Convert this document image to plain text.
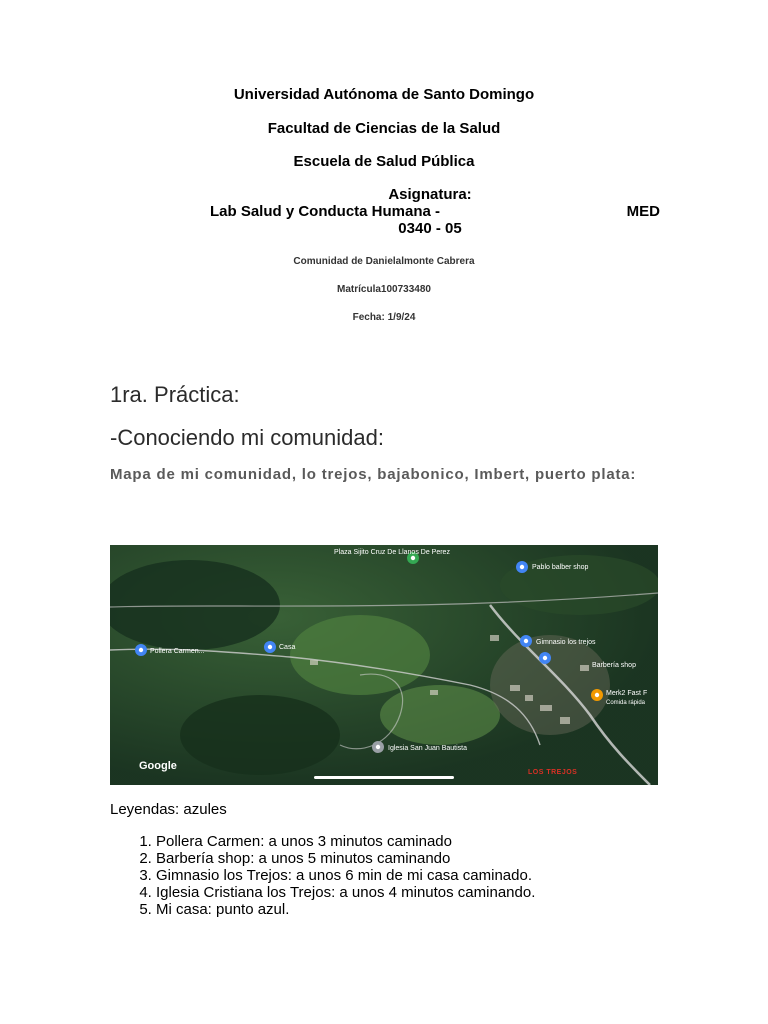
Universidad Autónoma de Santo Domingo
Facultad de Ciencias de la Salud
Escuela de Salud Pública
Asignatura:
Lab Salud y Conducta Humana -	MED
0340 - 05
Comunidad de Danielalmonte Cabrera
Matrícula100733480
Fecha: 1/9/24
1ra. Práctica:
-Conociendo mi comunidad:
Mapa de mi comunidad, lo trejos, bajabonico, Imbert, puerto plata:
Plaza Sijito Cruz De Llanos De Perez
Pablo balber shop
Pollera Carmen...
Casa
Gimnasio los trejos
Barbería shop
Merk2 Fast F
Comida rápida
Iglesia San Juan Bautista
Google
LOS TREJOS
Leyendas: azules
1. Pollera Carmen: a unos 3 minutos caminado
2. Barbería shop: a unos 5 minutos caminando
3. Gimnasio los Trejos: a unos 6 min de mi casa caminado.
4. Iglesia Cristiana los Trejos: a unos 4 minutos caminando.
5. Mi casa: punto azul.
